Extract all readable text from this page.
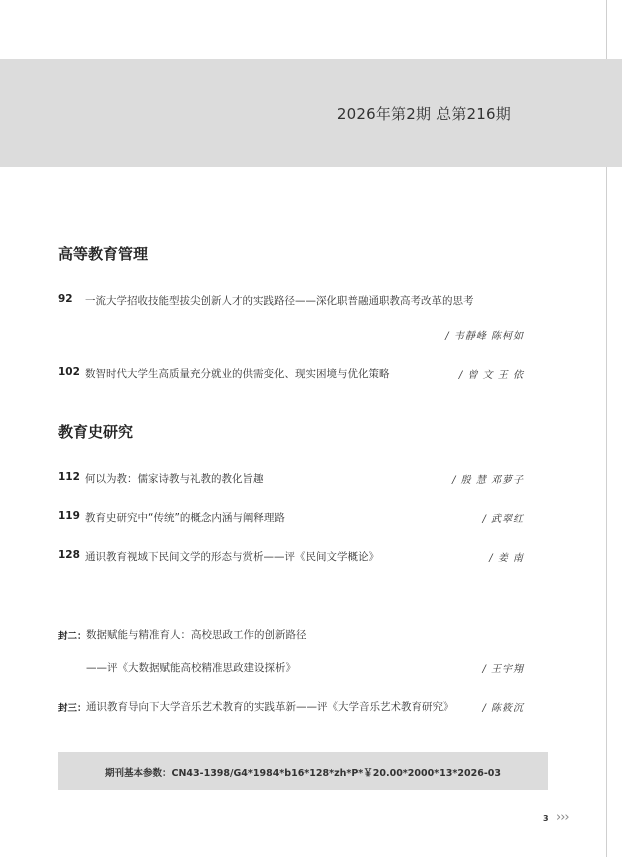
2026年第2期 总第216期
高等教育管理
92 一流大学招收技能型拔尖创新人才的实践路径——深化职普融通职教高考改革的思考
/ 韦靜峰 陈柯如
102 数智时代大学生高质量充分就业的供需变化、现实困境与优化策略	/ 曾 文 王 依
教育史研究
112 何以为教：儒家诗教与礼教的教化旨趣	/ 殷 慧 邓萝子
119 教育史研究中“传统”的概念内涵与阐释理路	/ 武翠红
128 通识教育视域下民间文学的形态与赏析——评《民间文学概论》	/ 姜 南
封二： 数据赋能与精准育人：高校思政工作的创新路径
——评《大数据赋能高校精准思政建设探析》	/ 王宇翔
封三： 通识教育导向下大学音乐艺术教育的实践革新——评《大学音乐艺术教育研究》	/ 陈筱沉
期刊基本参数：CN43-1398/G4*1984*b16*128*zh*P*￥20.00*2000*13*2026-03
3 ›››
